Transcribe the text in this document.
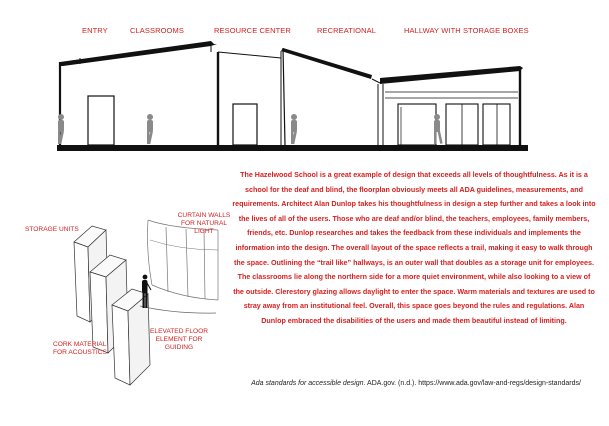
ENTRY	CLASSROOMS	RESOURCE CENTER	RECREATIONAL	HALLWAY WITH STORAGE BOXES
STORAGE UNITS
CURTAIN WALLS FOR NATURAL LIGHT
ELEVATED FLOOR ELEMENT FOR GUIDING
CORK MATERIAL FOR ACOUSTICS
The Hazelwood School is a great example of design that exceeds all levels of thoughtfulness. As it is a school for the deaf and blind, the floorplan obviously meets all ADA guidelines, measurements, and requirements. Architect Alan Dunlop takes his thoughtfulness in design a step further and takes a look into the lives of all of the users. Those who are deaf and/or blind, the teachers, employees, family members, friends, etc. Dunlop researches and takes the feedback from these individuals and implements the information into the design. The overall layout of the space reflects a trail, making it easy to walk through the space. Outlining the “trail like” hallways, is an outer wall that doubles as a storage unit for employees. The classrooms lie along the northern side for a more quiet environment, while also looking to a view of the outside. Clerestory glazing allows daylight to enter the space. Warm materials and textures are used to stray away from an institutional feel. Overall, this space goes beyond the rules and regulations. Alan Dunlop embraced the disabilities of the users and made them beautiful instead of limiting.
Ada standards for accessible design. ADA.gov. (n.d.). https://www.ada.gov/law-and-regs/design-standards/
